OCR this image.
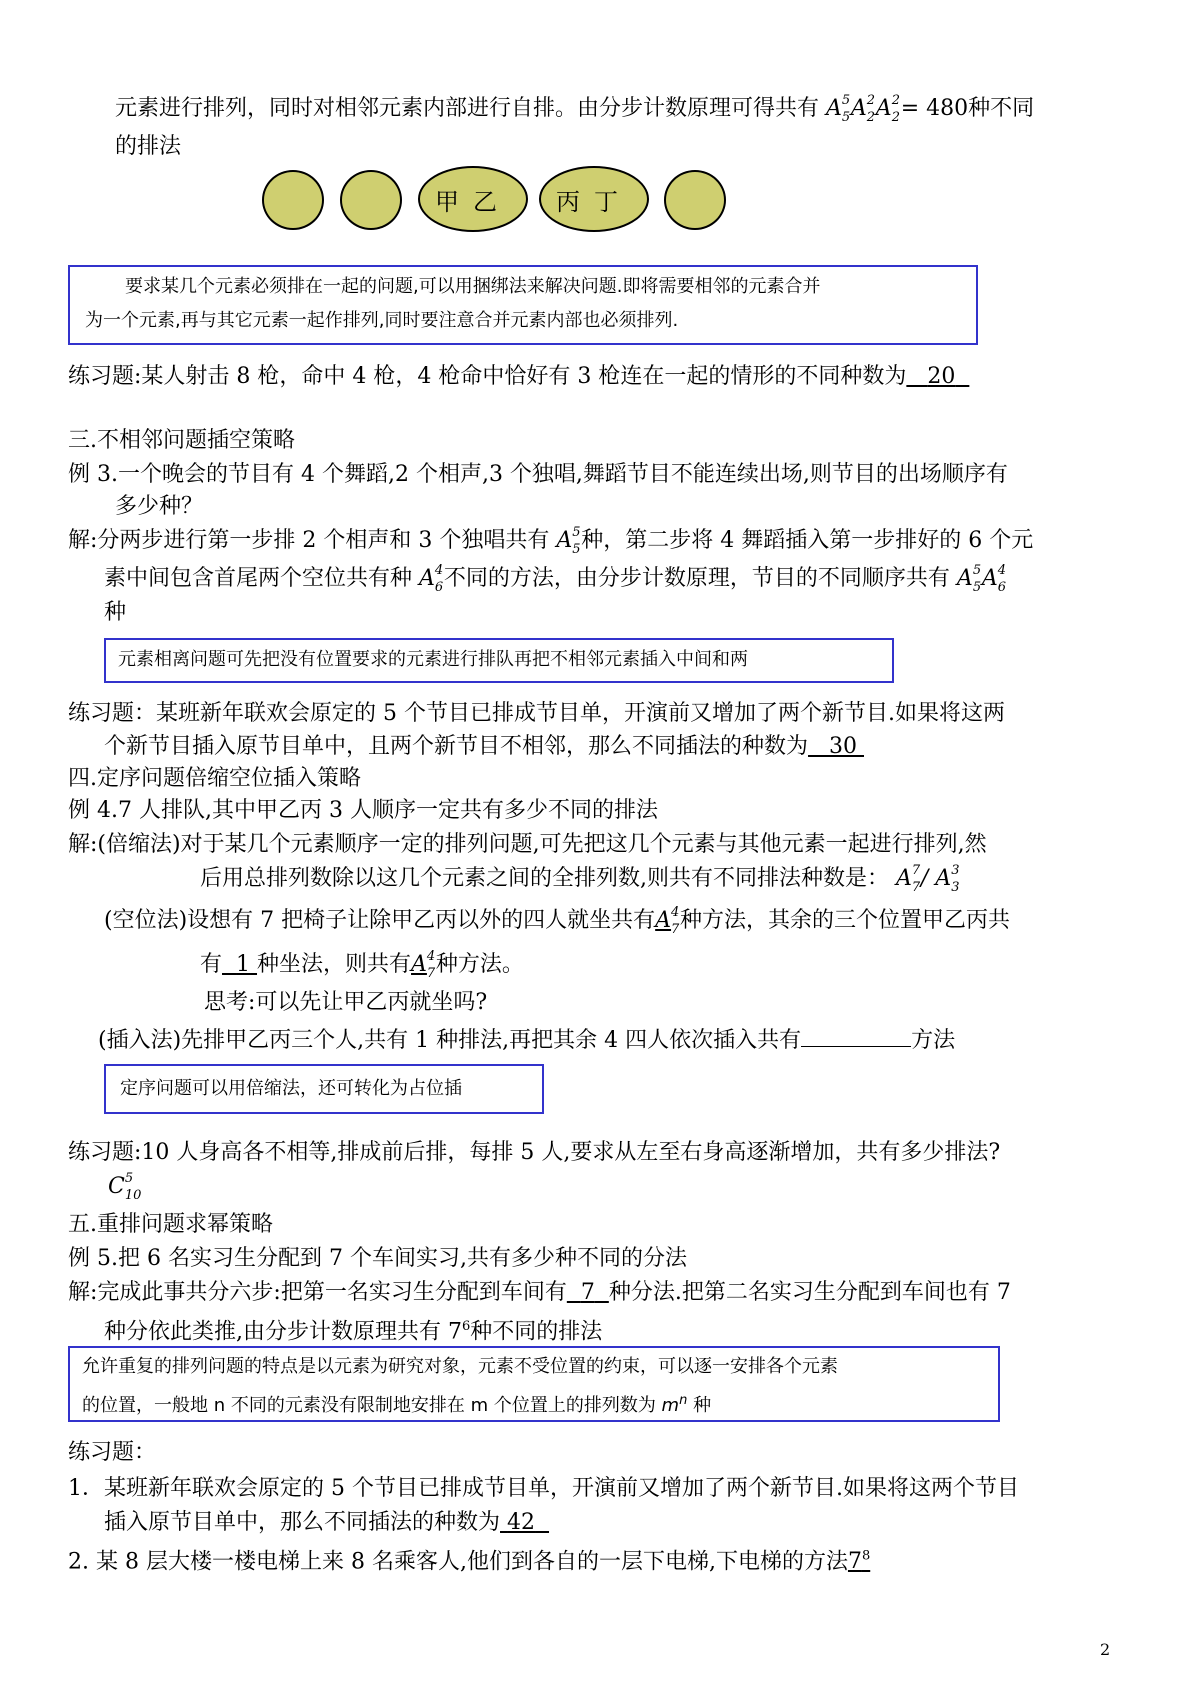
元素进行排列，同时对相邻元素内部进行自排。由分步计数原理可得共有 A 5
5 A 2
2 A 2
2 = 480种不同
的排法
甲乙	丙丁
要求某几个元素必须排在一起的问题,可以用捆绑法来解决问题.即将需要相邻的元素合并
为一个元素,再与其它元素一起作排列,同时要注意合并元素内部也必须排列.
练习题:某人射击 8 枪，命中 4 枪，4 枪命中恰好有 3 枪连在一起的情形的不同种数为 20
三.不相邻问题插空策略
例 3.一个晚会的节目有 4 个舞蹈,2 个相声,3 个独唱,舞蹈节目不能连续出场,则节目的出场顺序有
多少种？
解:分两步进行第一步排 2 个相声和 3 个独唱共有 A 5
5 种，第二步将 4 舞蹈插入第一步排好的 6 个元
素中间包含首尾两个空位共有种 A 4
6 不同的方法，由分步计数原理，节目的不同顺序共有 A 5
5 A 4
6
种
元素相离问题可先把没有位置要求的元素进行排队再把不相邻元素插入中间和两
练习题：某班新年联欢会原定的 5 个节目已排成节目单，开演前又增加了两个新节目.如果将这两
个新节目插入原节目单中，且两个新节目不相邻，那么不同插法的种数为 30
四.定序问题倍缩空位插入策略
例 4.7 人排队,其中甲乙丙 3 人顺序一定共有多少不同的排法
解:(倍缩法)对于某几个元素顺序一定的排列问题,可先把这几个元素与其他元素一起进行排列,然
后用总排列数除以这几个元素之间的全排列数,则共有不同排法种数是： A 7
7 / A 3
3
(空位法)设想有 7 把椅子让除甲乙丙以外的四人就坐共有A 4
7 种方法，其余的三个位置甲乙丙共
有 1 种坐法，则共有A 4
7 种方法。
思考:可以先让甲乙丙就坐吗?
(插入法)先排甲乙丙三个人,共有 1 种排法,再把其余 4 四人依次插入共有	方法
定序问题可以用倍缩法，还可转化为占位插
练习题:10 人身高各不相等,排成前后排，每排 5 人,要求从左至右身高逐渐增加，共有多少排法?
C 5
10
五.重排问题求幂策略
例 5.把 6 名实习生分配到 7 个车间实习,共有多少种不同的分法
解:完成此事共分六步:把第一名实习生分配到车间有 7 种分法.把第二名实习生分配到车间也有 7
种分依此类推,由分步计数原理共有 $7^6$种不同的排法
允许重复的排列问题的特点是以元素为研究对象，元素不受位置的约束，可以逐一安排各个元素
的位置，一般地 n 不同的元素没有限制地安排在 m 个位置上的排列数为 $m^n$ 种
练习题：
1．某班新年联欢会原定的 5 个节目已排成节目单，开演前又增加了两个新节目.如果将这两个节目
插入原节目单中，那么不同插法的种数为 42
2. 某 8 层大楼一楼电梯上来 8 名乘客人,他们到各自的一层下电梯,下电梯的方法$7^8$
2
